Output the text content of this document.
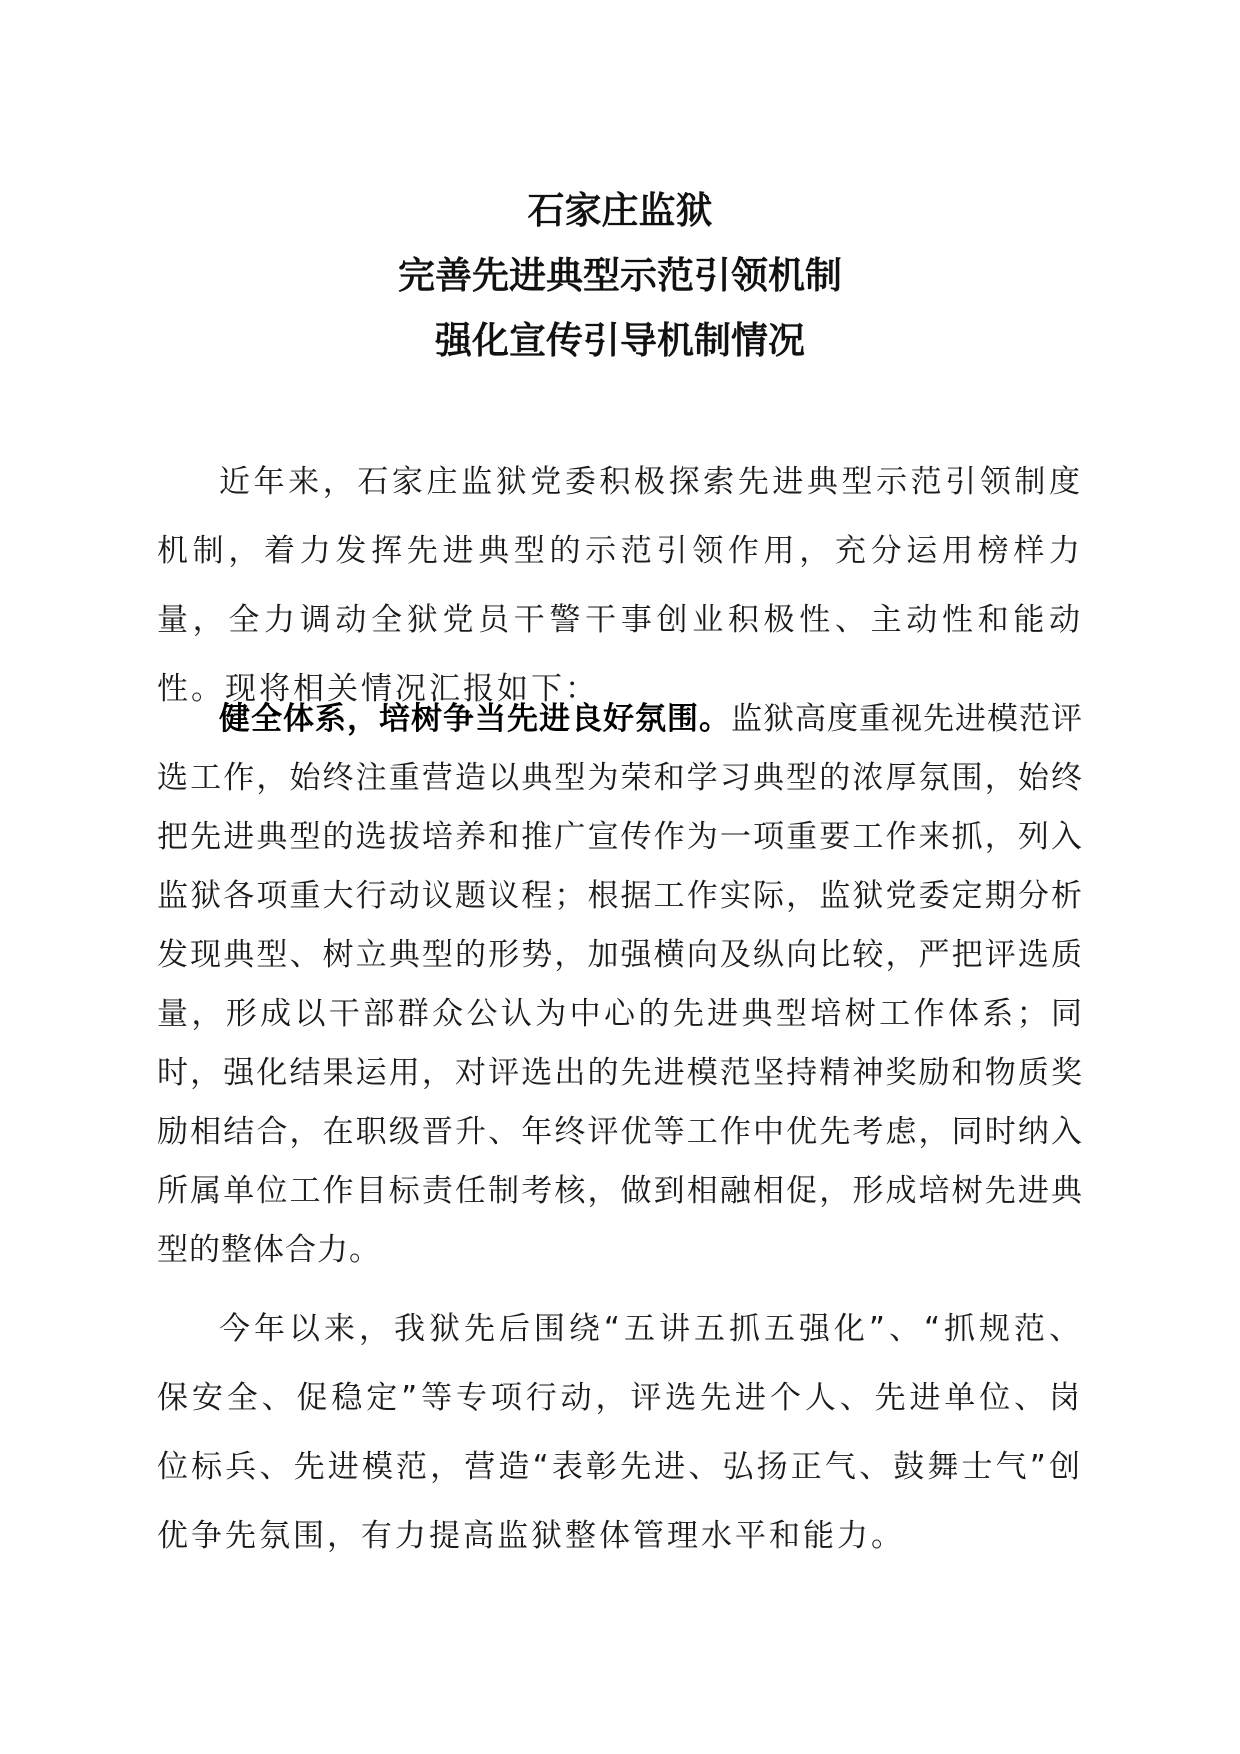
石家庄监狱
完善先进典型示范引领机制
强化宣传引导机制情况

近年来，石家庄监狱党委积极探索先进典型示范引领制度机制，着力发挥先进典型的示范引领作用，充分运用榜样力量，全力调动全狱党员干警干事创业积极性、主动性和能动性。现将相关情况汇报如下：

健全体系，培树争当先进良好氛围。监狱高度重视先进模范评选工作，始终注重营造以典型为荣和学习典型的浓厚氛围，始终把先进典型的选拔培养和推广宣传作为一项重要工作来抓，列入监狱各项重大行动议题议程；根据工作实际，监狱党委定期分析发现典型、树立典型的形势，加强横向及纵向比较，严把评选质量，形成以干部群众公认为中心的先进典型培树工作体系；同时，强化结果运用，对评选出的先进模范坚持精神奖励和物质奖励相结合，在职级晋升、年终评优等工作中优先考虑，同时纳入所属单位工作目标责任制考核，做到相融相促，形成培树先进典型的整体合力。

今年以来，我狱先后围绕“五讲五抓五强化”、“抓规范、保安全、促稳定”等专项行动，评选先进个人、先进单位、岗位标兵、先进模范，营造“表彰先进、弘扬正气、鼓舞士气”创优争先氛围，有力提高监狱整体管理水平和能力。
